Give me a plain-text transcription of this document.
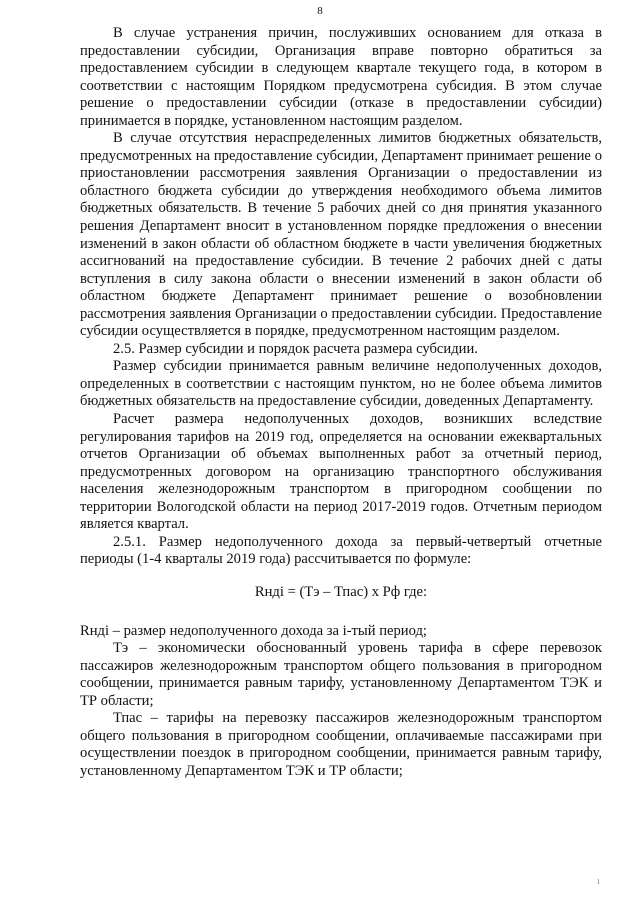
8

В случае устранения причин, послуживших основанием для отказа в предоставлении субсидии, Организация вправе повторно обратиться за предоставлением субсидии в следующем квартале текущего года, в котором в соответствии с настоящим Порядком предусмотрена субсидия. В этом случае решение о предоставлении субсидии (отказе в предоставлении субсидии) принимается в порядке, установленном настоящим разделом.

В случае отсутствия нераспределенных лимитов бюджетных обязательств, предусмотренных на предоставление субсидии, Департамент принимает решение о приостановлении рассмотрения заявления Организации о предоставлении из областного бюджета субсидии до утверждения необходимого объема лимитов бюджетных обязательств. В течение 5 рабочих дней со дня принятия указанного решения Департамент вносит в установленном порядке предложения о внесении изменений в закон области об областном бюджете в части увеличения бюджетных ассигнований на предоставление субсидии. В течение 2 рабочих дней с даты вступления в силу закона области о внесении изменений в закон области об областном бюджете Департамент принимает решение о возобновлении рассмотрения заявления Организации о предоставлении субсидии. Предоставление субсидии осуществляется в порядке, предусмотренном настоящим разделом.

2.5. Размер субсидии и порядок расчета размера субсидии.

Размер субсидии принимается равным величине недополученных доходов, определенных в соответствии с настоящим пунктом, но не более объема лимитов бюджетных обязательств на предоставление субсидии, доведенных Департаменту.

Расчет размера недополученных доходов, возникших вследствие регулирования тарифов на 2019 год, определяется на основании ежеквартальных отчетов Организации об объемах выполненных работ за отчетный период, предусмотренных договором на организацию транспортного обслуживания населения железнодорожным транспортом в пригородном сообщении по территории Вологодской области на период 2017-2019 годов. Отчетным периодом является квартал.

2.5.1. Размер недополученного дохода за первый-четвертый отчетные периоды (1-4 кварталы 2019 года) рассчитывается по формуле:

Rндi = (Тэ – Тпас) х Рф где:

Rндi – размер недополученного дохода за i-тый период;

Тэ – экономически обоснованный уровень тарифа в сфере перевозок пассажиров железнодорожным транспортом общего пользования в пригородном сообщении, принимается равным тарифу, установленному Департаментом ТЭК и ТР области;

Тпас – тарифы на перевозку пассажиров железнодорожным транспортом общего пользования в пригородном сообщении, оплачиваемые пассажирами при осуществлении поездок в пригородном сообщении, принимается равным тарифу, установленному Департаментом ТЭК и ТР области;

ı
